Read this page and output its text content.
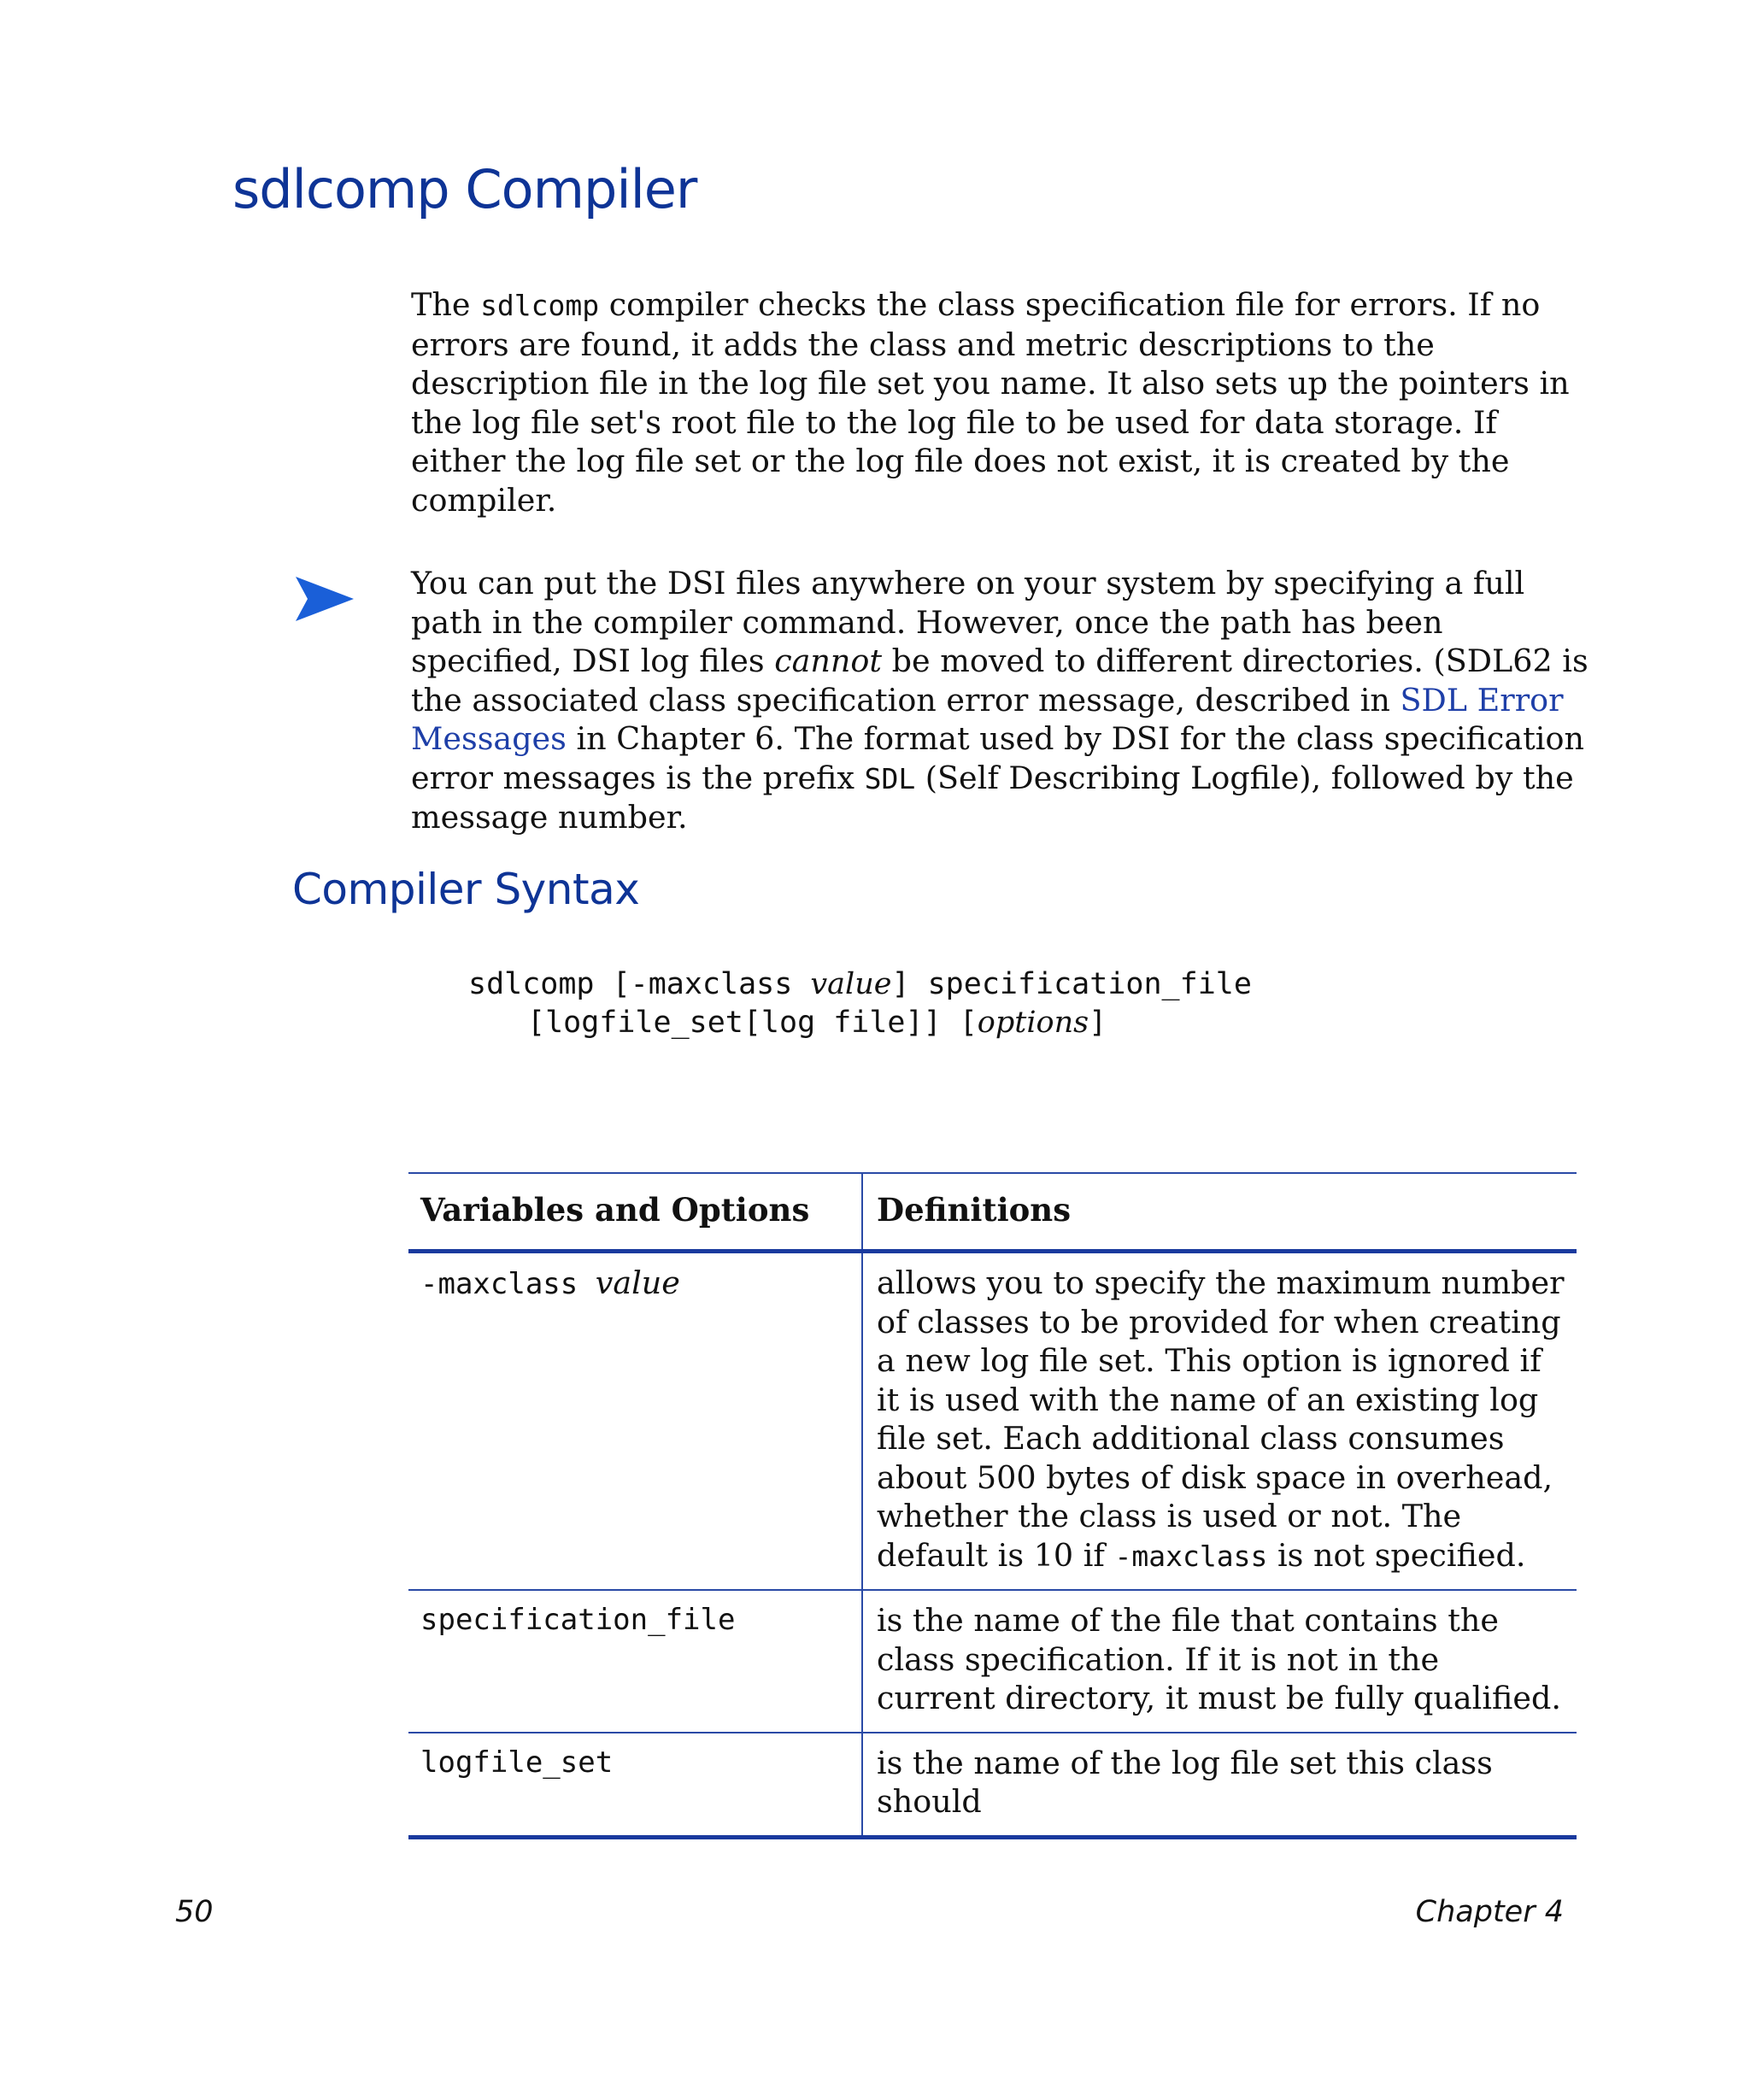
sdlcomp Compiler

The sdlcomp compiler checks the class specification file for errors. If no errors are found, it adds the class and metric descriptions to the description file in the log file set you name. It also sets up the pointers in the log file set's root file to the log file to be used for data storage. If either the log file set or the log file does not exist, it is created by the compiler.

You can put the DSI files anywhere on your system by specifying a full path in the compiler command. However, once the path has been specified, DSI log files cannot be moved to different directories. (SDL62 is the associated class specification error message, described in SDL Error Messages in Chapter 6. The format used by DSI for the class specification error messages is the prefix SDL (Self Describing Logfile), followed by the message number.

Compiler Syntax
sdlcomp [-maxclass value] specification_file
[logfile_set[log file]] [options]
Variables and Options	Definitions
-maxclass value	allows you to specify the maximum number of classes to be provided for when creating a new log file set. This option is ignored if it is used with the name of an existing log file set. Each additional class consumes about 500 bytes of disk space in overhead, whether the class is used or not. The default is 10 if -maxclass is not specified.
specification_file	is the name of the file that contains the class specification. If it is not in the current directory, it must be fully qualified.
logfile_set	is the name of the log file set this class should

50	Chapter 4
